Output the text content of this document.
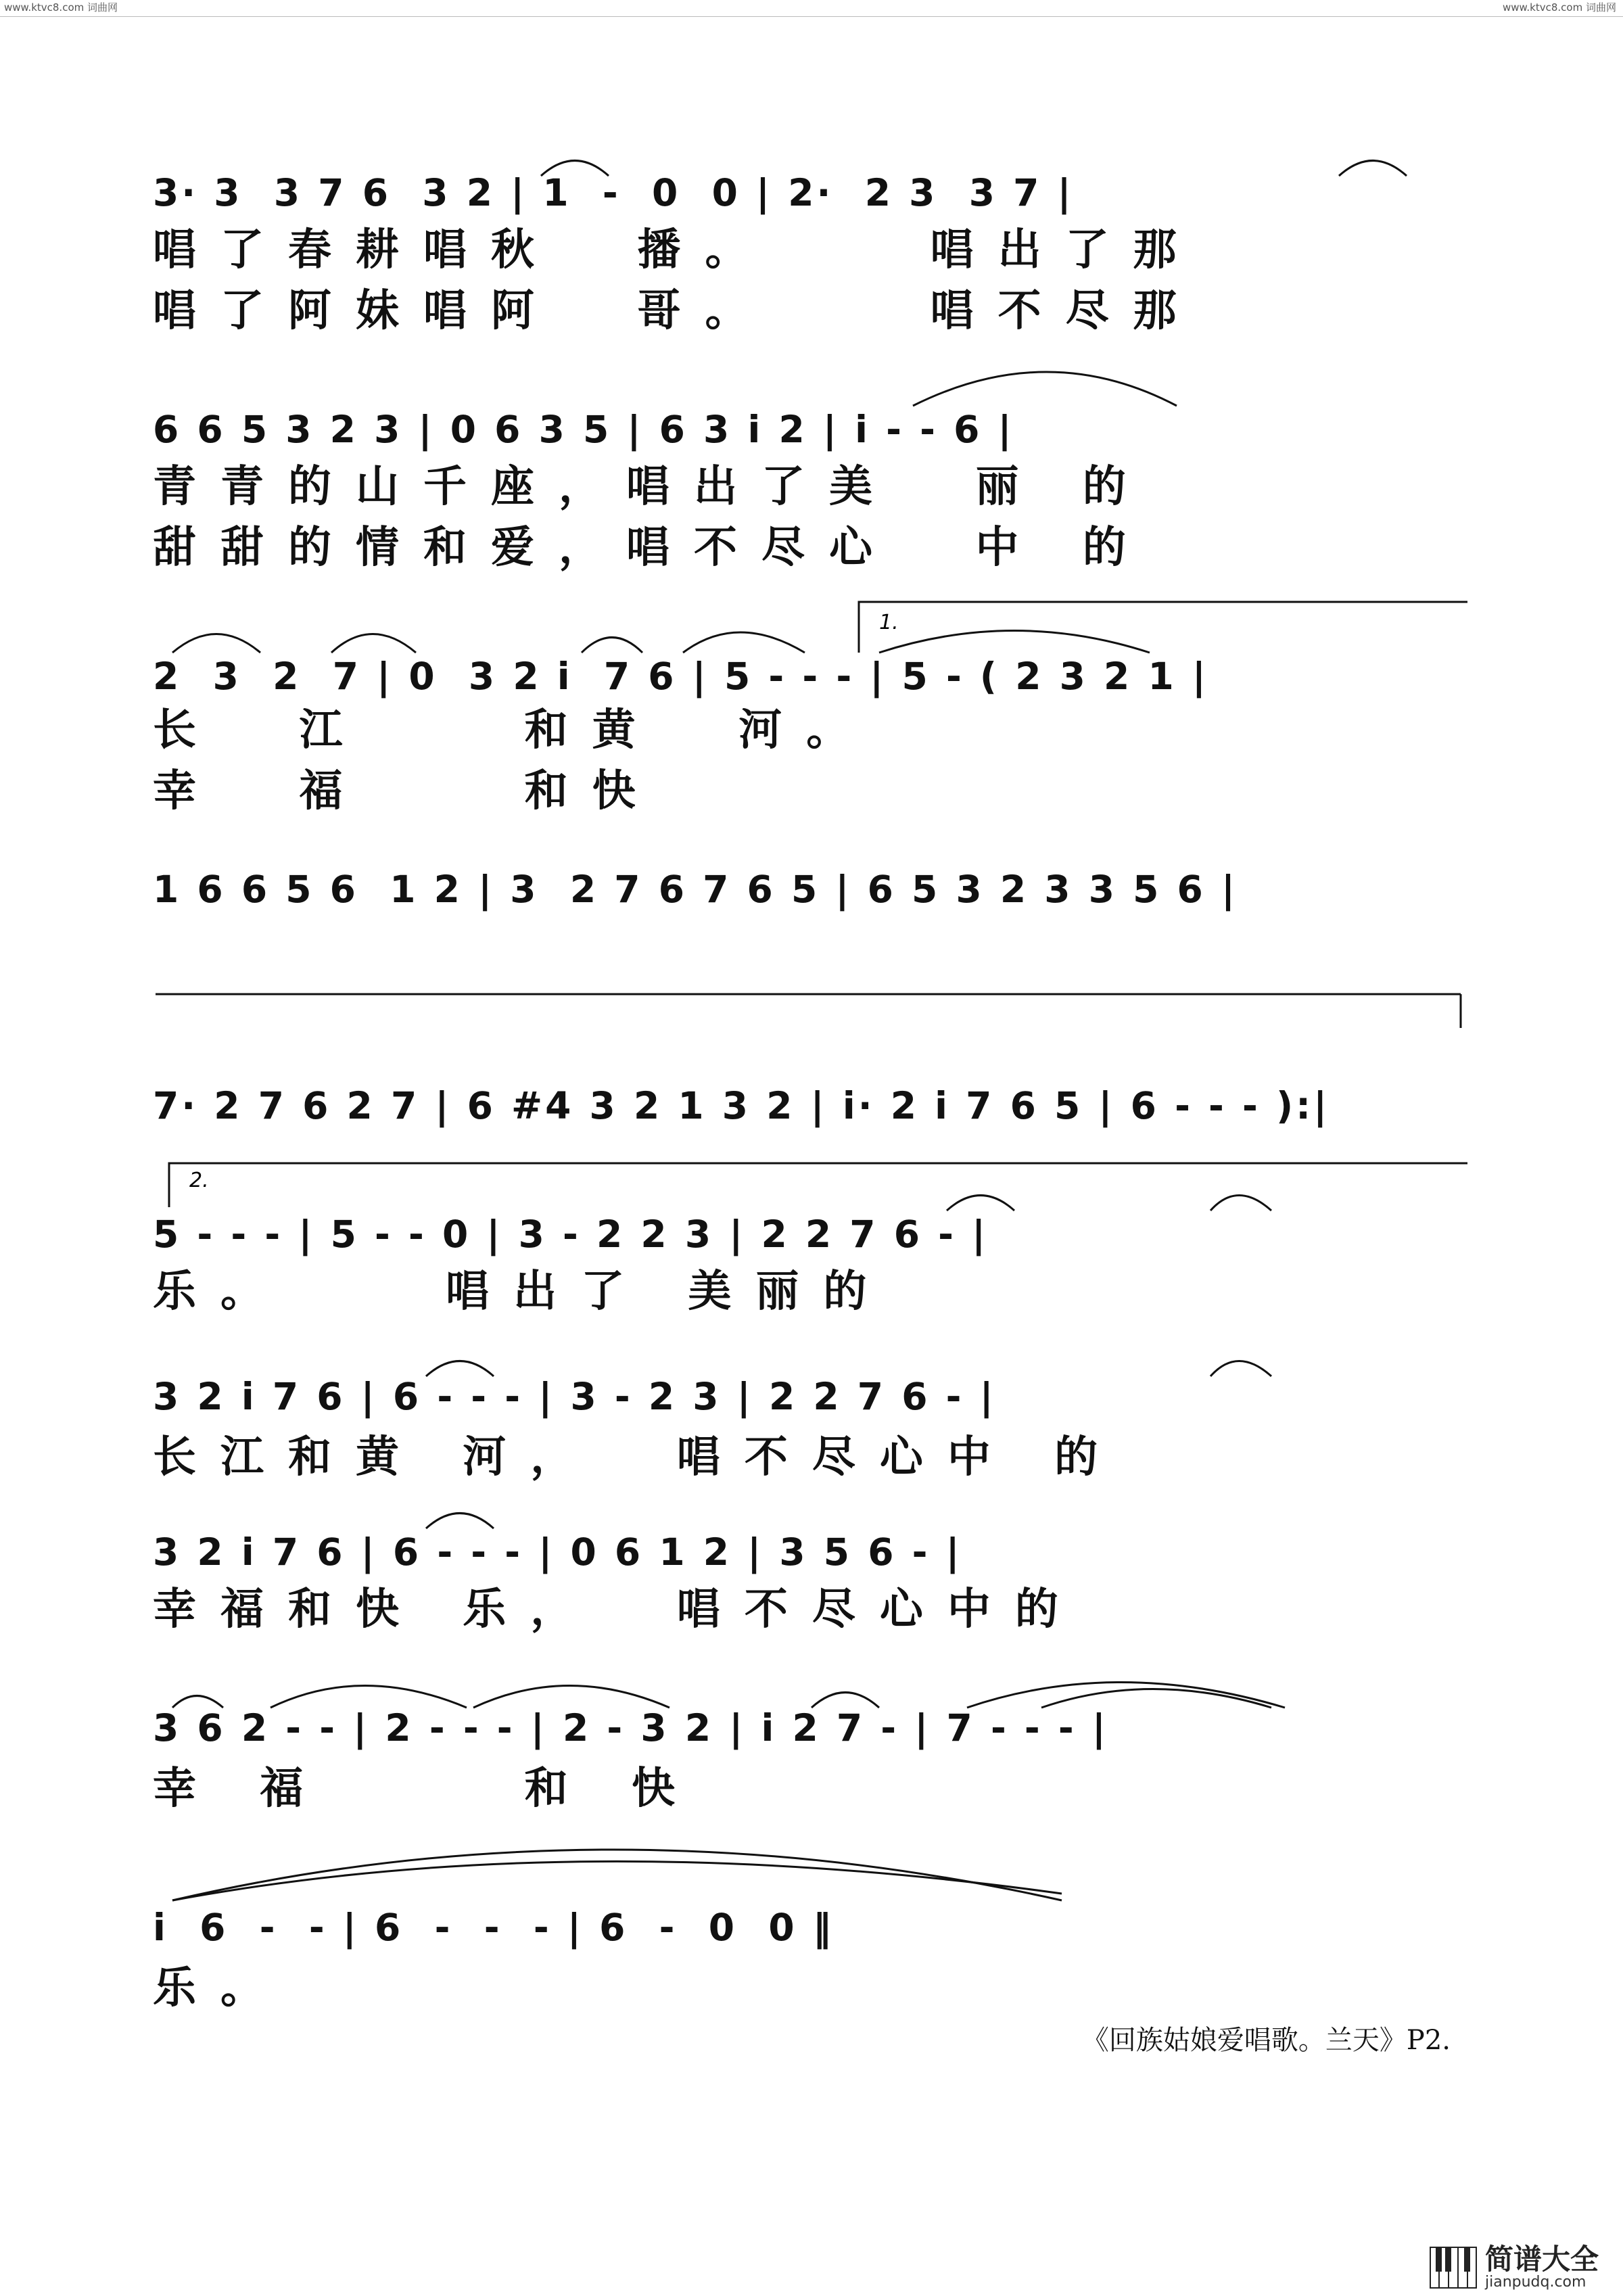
www.ktvc8.com 词曲网	www.ktvc8.com 词曲网
3· 3  3 7 6  3 2 | 1  -  0  0 | 2·  2 3  3 7 |
唱了春耕唱秋  播。    唱出了那
唱了阿妹唱阿  哥。    唱不尽那
6 6 5 3 2 3 | 0 6 3 5 | 6 3 i 2 | i - - 6 |
青青的山千座，唱出了美  丽 的
甜甜的情和爱，唱不尽心  中 的
2  3  2  7 | 0  3 2 i  7 6 | 5 - - - | 5 - ( 2 3 2 1 |
长  江    和黄  河。
幸  福    和快
1 6 6 5 6  1 2 | 3  2 7 6 7 6 5 | 6 5 3 2 3 3 5 6 |
7· 2 7 6 2 7 | 6 #4 3 2 1 3 2 | i· 2 i 7 6 5 | 6 - - - ):|
5 - - - | 5 - - 0 | 3 - 2 2 3 | 2 2 7 6 - |
乐。    唱出了 美丽的
3 2 i 7 6 | 6 - - - | 3 - 2 3 | 2 2 7 6 - |
长江和黄 河，  唱不尽心中 的
3 2 i 7 6 | 6 - - - | 0 6 1 2 | 3 5 6 - |
幸福和快 乐，  唱不尽心中的
3 6 2 - - | 2 - - - | 2 - 3 2 | i 2 7 - | 7 - - - |
幸 福     和 快
i  6  -  - | 6  -  -  - | 6  -  0  0 ‖
乐。
1.
2.
《回族姑娘爱唱歌。兰天》P2.
简谱大全
jianpudq.com
